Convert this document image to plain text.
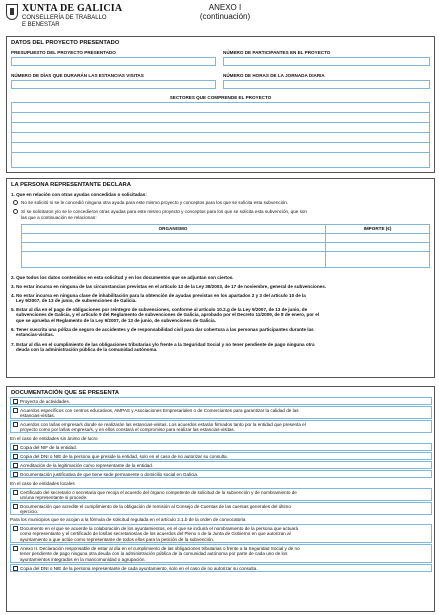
XUNTA DE GALICIA
CONSELLERÍA DE TRABALLO
E BENESTAR
ANEXO I
(continuación)
DATOS DEL PROYECTO PRESENTADO
PRESUPUESTO DEL PROYECTO PRESENTADO	NÚMERO DE PARTICIPANTES EN EL PROYECTO
NÚMERO DE DÍAS QUE DURARÁN LAS ESTANCIAS VISITAS	NÚMERO DE HORAS DE LA JORNADA DIARIA
SECTORES QUE COMPRENDE EL PROYECTO
LA PERSONA REPRESENTANTE DECLARA
1. Que en relación con otras ayudas concedidas o solicitadas:
No se solicitó ni se le concedió ninguna otra ayuda para este mismo proyecto y conceptos para los que se solicita esta subvención.
Sí se solicitaron y/o se le concedieron otras ayudas para este mismo proyecto y conceptos para los que se solicita esta subvención, que son
las que a continuación se relacionan:
ORGANISMO	IMPORTE (€)
2. Que todos los datos contenidos en esta solicitud y en los documentos que se adjuntan son ciertos.
3. No estar incursa en ninguna de las circunstancias previstas en el artículo 13 de la Ley 38/2003, de 17 de noviembre, general de subvenciones.
4. No estar incursa en ninguna clase de inhabilitación para la obtención de ayudas previstas en los apartados 2 y 3 del artículo 10 de la
Ley 9/2007, de 13 de junio, de subvenciones de Galicia.
5. Estar al día en el pago de obligaciones por reintegro de subvenciones, conforme al artículo 10.2.g de la Ley 9/2007, de 13 de junio, de
subvenciones de Galicia, y el artículo 9 del Reglamento de subvenciones de Galicia, aprobado por el Decreto 11/2009, de 8 de enero, por el
que se aprueba el Reglamento de la Ley 9/2007, de 13 de junio, de subvenciones de Galicia.
6. Tener suscrita una póliza de seguro de accidentes y de responsabilidad civil para dar cobertura a las personas participantes durante las
estancias-visitas.
7. Estar al día en el cumplimiento de las obligaciones tributarias y/o frente a la Seguridad Social y no tener pendiente de pago ninguna otra
deuda con la administración pública de la comunidad autónoma.
DOCUMENTACIÓN QUE SE PRESENTA
Proyecto de actividades.
Acuerdos específicos con centros educativos, AMPAS y Asociaciones Empresariales o de Comerciantes para garantizar la calidad de las
estancias-visitas.
Acuerdos con la/las empresa/s donde se realizarán las estancias-visitas. Los acuerdos estarán firmados tanto por la entidad que presenta el
proyecto como por la/las empresa/s, y en ellos constará el compromiso para realizar las estancias-visitas.
En el caso de entidades sin ánimo de lucro
Copia del NIF de la entidad.
Copia del DNI o NIE de la persona que preside la entidad, solo en el caso de no autorizar su consulta.
Acreditación de la legitimación como representante de la entidad.
Documentación justificativa de que tiene sede permanente o domicilio social en Galicia.
En el caso de entidades locales
Certificado del secretario o secretaria que recoja el acuerdo del órgano competente de solicitud de la subvención y de nombramiento de
un/una representante si procede.
Documentación que acredite el cumplimiento de la obligación de remisión al Consejo de Cuentas de las cuentas generales del último
ejercicio.
Para los municipios que se acojan a la fórmula de solicitud regulada en el artículo 2.1.b de la orden de convocatoria
Documento en el que se acuerde la colaboración de los ayuntamientos, en el que se incluirá el nombramiento de la persona que actuará
como representante y el certificado de los/las secretarios/as de los acuerdos del Pleno o de la Junta de Gobierno en que autorizan al
ayuntamiento a que actúe como representante de todos ellos para la petición de la subvención.
Anexo II. Declaración responsable de estar al día en el cumplimiento de las obligaciones tributarias o frente a la Seguridad Social y de no
tener pendiente de pago ninguna otra deuda con la administración pública de la comunidad autónoma por parte de cada uno de los
ayuntamientos integrados en la mancomunidad o agrupación.
Copia del DNI o NIE de la persona representante de cada ayuntamiento, solo en el caso de no autorizar su consulta.
